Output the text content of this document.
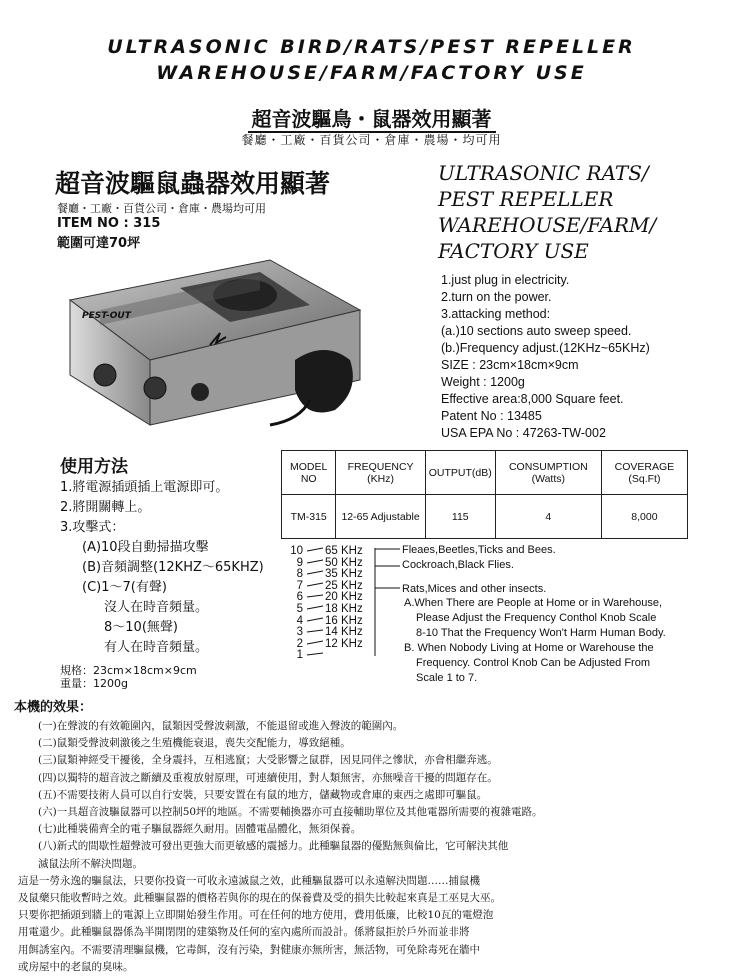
ULTRASONIC BIRD/RATS/PEST REPELLER
WAREHOUSE/FARM/FACTORY USE
超音波驅鳥・鼠器效用顯著
餐廳・工廠・百貨公司・倉庫・農場・均可用
超音波驅鼠蟲器效用顯著
餐廳・工廠・百貨公司・倉庫・農場均可用
ITEM NO : 315
範圍可達70坪
PEST-OUT
ULTRASONIC RATS/
PEST REPELLER
WAREHOUSE/FARM/
FACTORY USE
1.just plug in electricity.
2.turn on the power.
3.attacking method:
(a.)10 sections auto sweep speed.
(b.)Frequency adjust.(12KHz~65KHz)
SIZE : 23cm×18cm×9cm
Weight : 1200g
Effective area:8,000 Square feet.
Patent No : 13485
USA EPA No : 47263-TW-002
MODEL NO	FREQUENCY (KHz)	OUTPUT(dB)	CONSUMPTION (Watts)	COVERAGE (Sq.Ft)
TM-315	12-65 Adjustable	115	4	8,000
使用方法
1.將電源插頭插上電源即可。
2.將開關轉上。
3.攻擊式：
(A)10段自動掃描攻擊
(B)音頻調整(12KHZ～65KHZ)
(C)1～7(有聲)
沒人在時音頻量。
8～10(無聲)
有人在時音頻量。
規格：23cm×18cm×9cm
重量：1200g
10
9
8
7
6
5
4
3
2
1
65 KHz
50 KHz
35 KHz
25 KHz
20 KHz
18 KHz
16 KHz
14 KHz
12 KHz
Fleaes,Beetles,Ticks and Bees.
Cockroach,Black Flies.
Rats,Mices and other insects.
A.When There are People at Home or in Warehouse,
Please Adjust the Frequency Conthol Knob Scale
8-10 That the Frequency Won't Harm Human Body.
B. When Nobody Living at Home or Warehouse the
Frequency. Control Knob Can be Adjusted From
Scale 1 to 7.
本機的效果：
(一)在聲波的有效範圍內，鼠類因受聲波刺激，不能退留或進入聲波的範圍內。
(二)鼠類受聲波刺激後之生殖機能衰退，喪失交配能力，導致絕種。
(三)鼠類神經受干擾後，全身震抖，互相逃竄；大受影響之鼠群，因見同伴之慘狀，亦會相繼奔逃。
(四)以獨特的超音波之斷續及重複放射原理，可連續使用，對人類無害，亦無噪音干擾的問題存在。
(五)不需要技術人員可以自行安裝，只要安置在有鼠的地方，儲藏物或倉庫的東西之處即可驅鼠。
(六)一具超音波驅鼠器可以控制50坪的地區。不需要輔換器亦可直接輔助單位及其他電器所需要的複雜電路。
(七)此種裝備齊全的電子驅鼠器經久耐用。固體電晶體化，無須保養。
(八)新式的間歇性超聲波可發出更強大而更敏感的震撼力。此種驅鼠器的優點無與倫比，它可解決其他
滅鼠法所不解決問題。
這是一勞永逸的驅鼠法，只要你投資一可收永遠滅鼠之效，此種驅鼠器可以永遠解決問題……捕鼠機
及鼠藥只能收暫時之效。此種驅鼠器的價格若與你的現在的保養費及受的損失比較起來真是工巫見大巫。
只要你把插頭到牆上的電源上立即開始發生作用。可在任何的地方使用，費用低廉，比較10瓦的電燈泡
用電還少。此種驅鼠器係為半開閉閉的建築物及任何的室內處所而設計。係將鼠拒於戶外而並非將
用餌誘室內。不需要清理驅鼠機，它毒餌，沒有污染，對健康亦無所害，無活物，可免除毒死在牆中
或房屋中的老鼠的臭味。
